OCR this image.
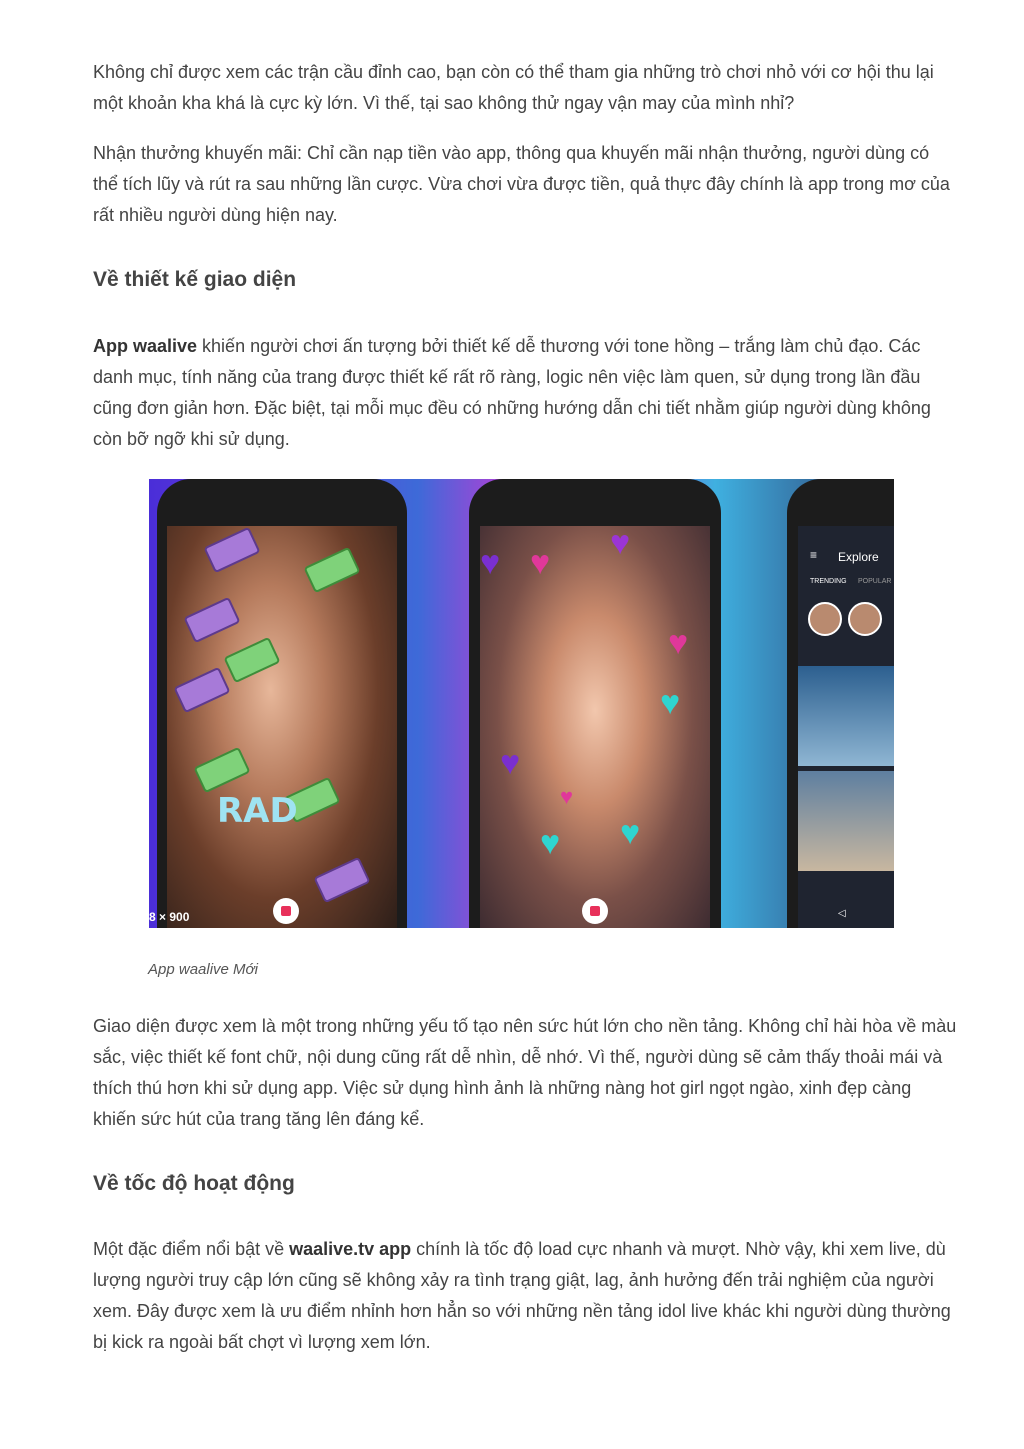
Không chỉ được xem các trận cầu đỉnh cao, bạn còn có thể tham gia những trò chơi nhỏ với cơ hội thu lại một khoản kha khá là cực kỳ lớn. Vì thế, tại sao không thử ngay vận may của mình nhỉ?

Nhận thưởng khuyến mãi: Chỉ cần nạp tiền vào app, thông qua khuyến mãi nhận thưởng, người dùng có thể tích lũy và rút ra sau những lần cược. Vừa chơi vừa được tiền, quả thực đây chính là app trong mơ của rất nhiều người dùng hiện nay.

Về thiết kế giao diện

App waalive khiến người chơi ấn tượng bởi thiết kế dễ thương với tone hồng – trắng làm chủ đạo. Các danh mục, tính năng của trang được thiết kế rất rõ ràng, logic nên việc làm quen, sử dụng trong lần đầu cũng đơn giản hơn. Đặc biệt, tại mỗi mục đều có những hướng dẫn chi tiết nhằm giúp người dùng không còn bỡ ngỡ khi sử dụng.

RAD
8 × 900
♥
♥
♥
♥
♥
♥
♥
♥
♥
≡ Explore
TRENDING POPULAR
◁

App waalive Mới

Giao diện được xem là một trong những yếu tố tạo nên sức hút lớn cho nền tảng. Không chỉ hài hòa về màu sắc, việc thiết kế font chữ, nội dung cũng rất dễ nhìn, dễ nhớ. Vì thế, người dùng sẽ cảm thấy thoải mái và thích thú hơn khi sử dụng app. Việc sử dụng hình ảnh là những nàng hot girl ngọt ngào, xinh đẹp càng khiến sức hút của trang tăng lên đáng kể.

Về tốc độ hoạt động

Một đặc điểm nổi bật về waalive.tv app chính là tốc độ load cực nhanh và mượt. Nhờ vậy, khi xem live, dù lượng người truy cập lớn cũng sẽ không xảy ra tình trạng giật, lag, ảnh hưởng đến trải nghiệm của người xem. Đây được xem là ưu điểm nhỉnh hơn hẳn so với những nền tảng idol live khác khi người dùng thường bị kick ra ngoài bất chợt vì lượng xem lớn.
